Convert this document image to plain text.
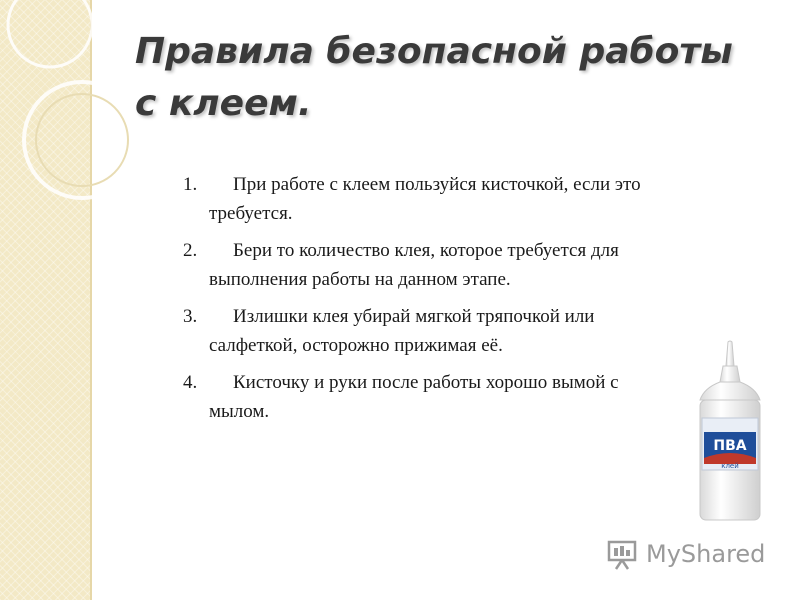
Правила безопасной работы с клеем.
1.	При работе с клеем пользуйся кисточкой, если это требуется.
2.	Бери то количество клея, которое требуется для выполнения работы на данном этапе.
3.	Излишки клея убирай мягкой тряпочкой или салфеткой, осторожно прижимая её.
4.	Кисточку и руки после работы хорошо вымой с мылом.
ПВА
клей
MyShared
